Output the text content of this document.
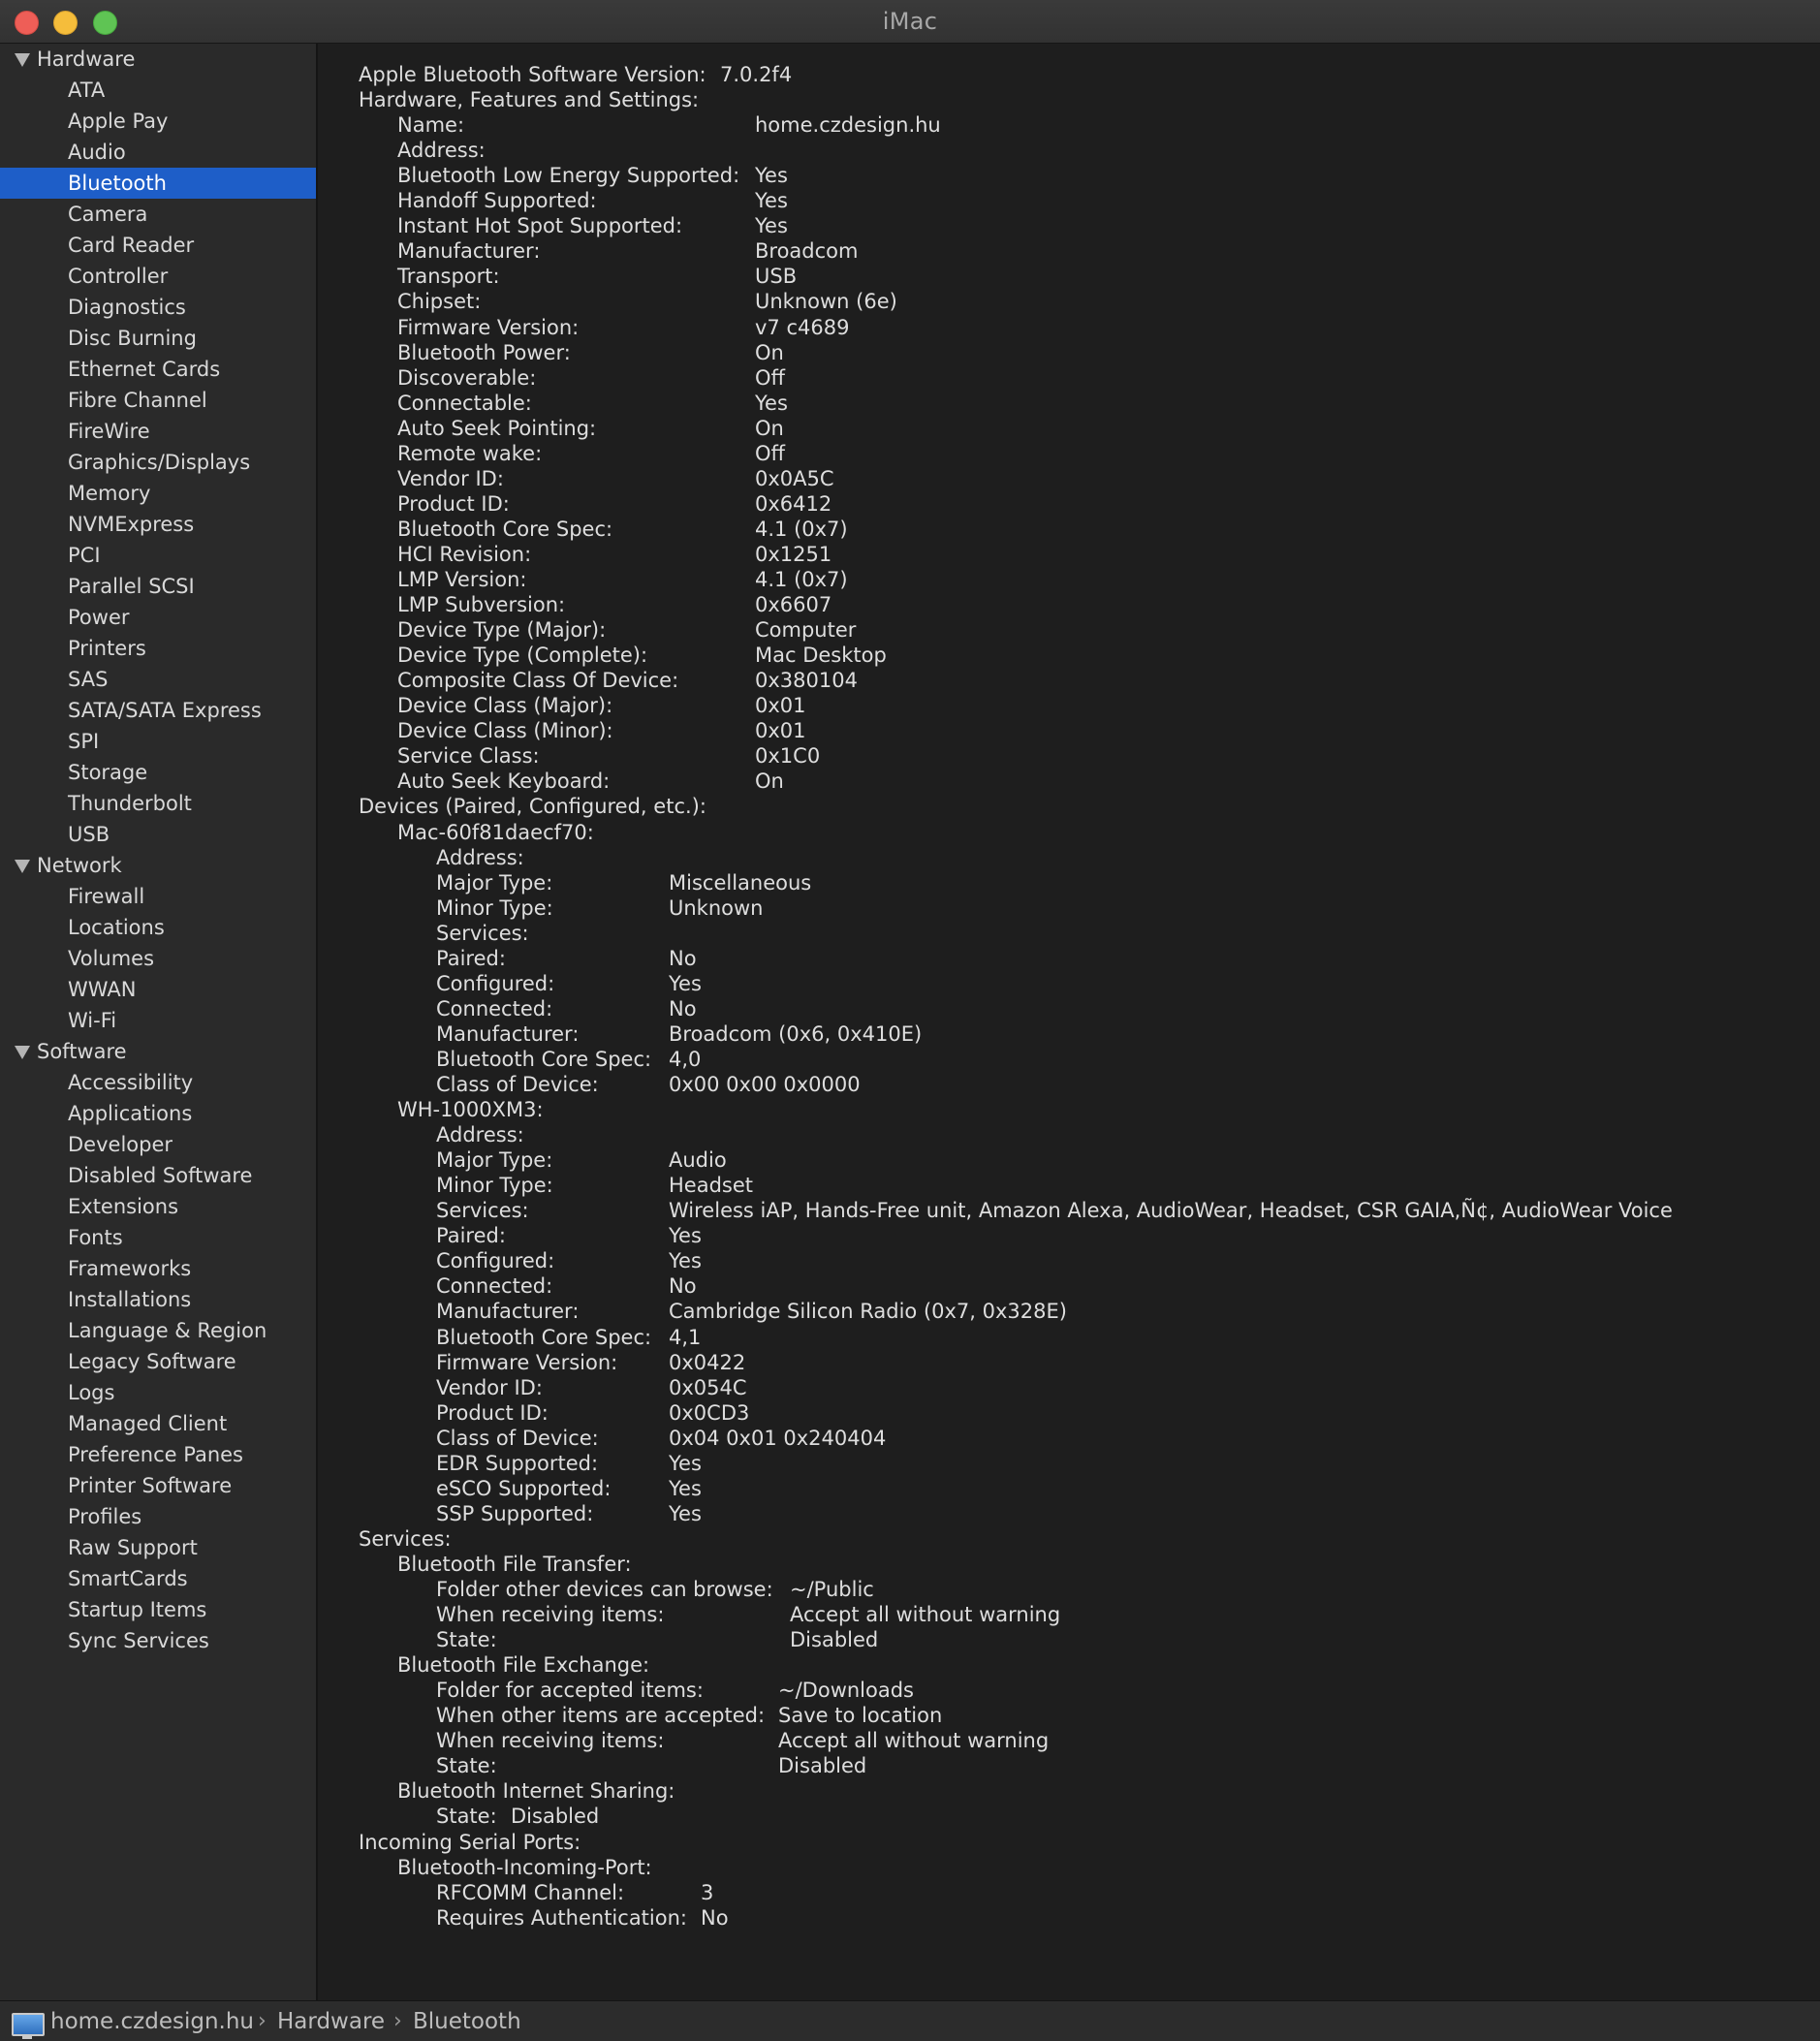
iMac
Hardware
ATA
Apple Pay
Audio
Bluetooth
Camera
Card Reader
Controller
Diagnostics
Disc Burning
Ethernet Cards
Fibre Channel
FireWire
Graphics/Displays
Memory
NVMExpress
PCI
Parallel SCSI
Power
Printers
SAS
SATA/SATA Express
SPI
Storage
Thunderbolt
USB
Network
Firewall
Locations
Volumes
WWAN
Wi-Fi
Software
Accessibility
Applications
Developer
Disabled Software
Extensions
Fonts
Frameworks
Installations
Language & Region
Legacy Software
Logs
Managed Client
Preference Panes
Printer Software
Profiles
Raw Support
SmartCards
Startup Items
Sync Services
Apple Bluetooth Software Version: 7.0.2f4
Hardware, Features and Settings:
Name:	home.czdesign.hu
Address:
Bluetooth Low Energy Supported: Yes
Handoff Supported:	Yes
Instant Hot Spot Supported:	Yes
Manufacturer:	Broadcom
Transport:	USB
Chipset:	Unknown (6e)
Firmware Version:	v7 c4689
Bluetooth Power:	On
Discoverable:	Off
Connectable:	Yes
Auto Seek Pointing:	On
Remote wake:	Off
Vendor ID:	0x0A5C
Product ID:	0x6412
Bluetooth Core Spec:	4.1 (0x7)
HCI Revision:	0x1251
LMP Version:	4.1 (0x7)
LMP Subversion:	0x6607
Device Type (Major):	Computer
Device Type (Complete):	Mac Desktop
Composite Class Of Device:	0x380104
Device Class (Major):	0x01
Device Class (Minor):	0x01
Service Class:	0x1C0
Auto Seek Keyboard:	On
Devices (Paired, Configured, etc.):
Mac-60f81daecf70:
Address:
Major Type:	Miscellaneous
Minor Type:	Unknown
Services:
Paired:	No
Configured:	Yes
Connected:	No
Manufacturer:	Broadcom (0x6, 0x410E)
Bluetooth Core Spec: 4,0
Class of Device:	0x00 0x00 0x0000
WH-1000XM3:
Address:
Major Type:	Audio
Minor Type:	Headset
Services:	Wireless iAP, Hands-Free unit, Amazon Alexa, AudioWear, Headset, CSR GAIA,Ñ¢, AudioWear Voice
Paired:	Yes
Configured:	Yes
Connected:	No
Manufacturer:	Cambridge Silicon Radio (0x7, 0x328E)
Bluetooth Core Spec: 4,1
Firmware Version:	0x0422
Vendor ID:	0x054C
Product ID:	0x0CD3
Class of Device:	0x04 0x01 0x240404
EDR Supported:	Yes
eSCO Supported:	Yes
SSP Supported:	Yes
Services:
Bluetooth File Transfer:
Folder other devices can browse: ~/Public
When receiving items:	Accept all without warning
State:	Disabled
Bluetooth File Exchange:
Folder for accepted items:	~/Downloads
When other items are accepted: Save to location
When receiving items:	Accept all without warning
State:	Disabled
Bluetooth Internet Sharing:
State: Disabled
Incoming Serial Ports:
Bluetooth-Incoming-Port:
RFCOMM Channel:	3
Requires Authentication: No
home.czdesign.hu › Hardware › Bluetooth
